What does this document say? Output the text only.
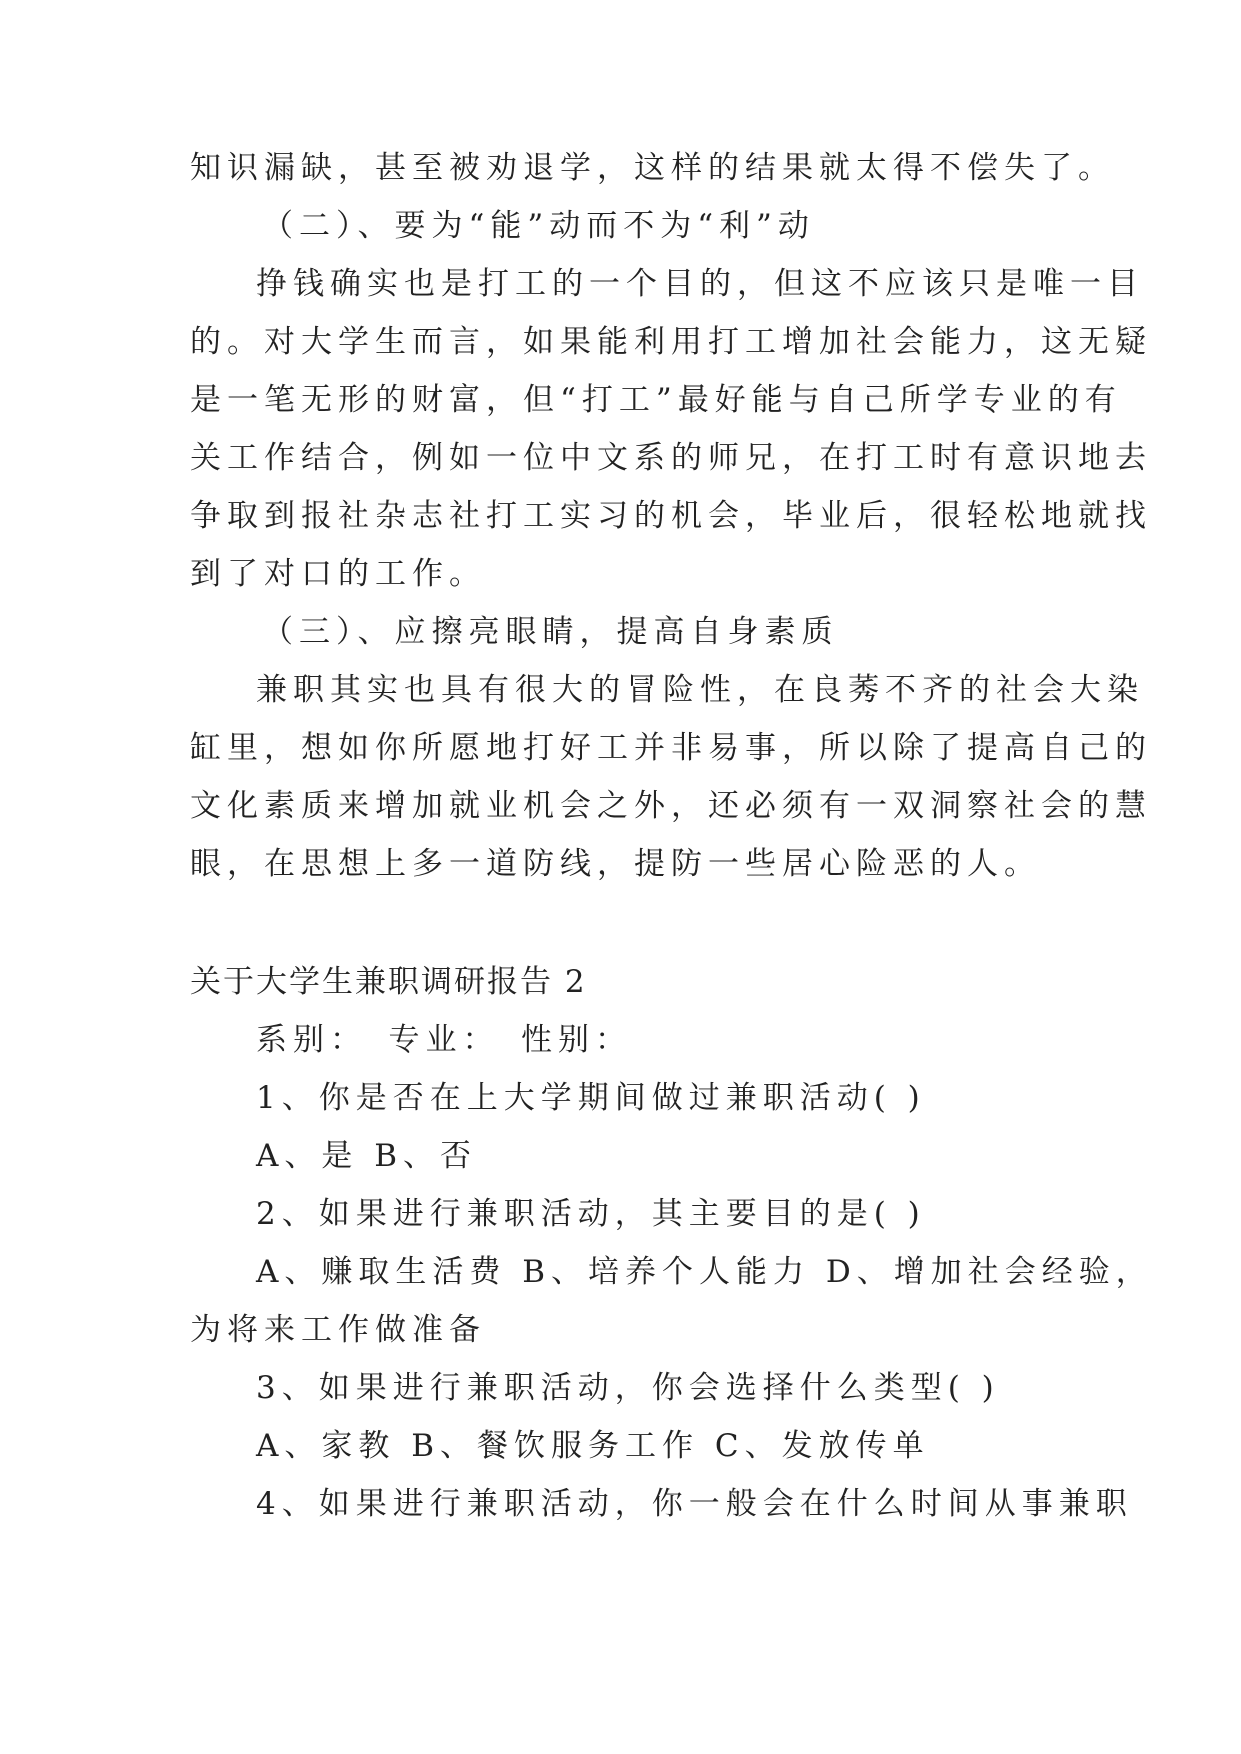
知识漏缺，甚至被劝退学，这样的结果就太得不偿失了。
（二）、要为“能”动而不为“利”动
挣钱确实也是打工的一个目的，但这不应该只是唯一目
的。对大学生而言，如果能利用打工增加社会能力，这无疑
是一笔无形的财富，但“打工”最好能与自己所学专业的有
关工作结合，例如一位中文系的师兄，在打工时有意识地去
争取到报社杂志社打工实习的机会，毕业后，很轻松地就找
到了对口的工作。
（三）、应擦亮眼睛，提高自身素质
兼职其实也具有很大的冒险性，在良莠不齐的社会大染
缸里，想如你所愿地打好工并非易事，所以除了提高自己的
文化素质来增加就业机会之外，还必须有一双洞察社会的慧
眼，在思想上多一道防线，提防一些居心险恶的人。
关于大学生兼职调研报告 2
系别：　专业：　性别：
1、你是否在上大学期间做过兼职活动( )
A、是 B、否
2、如果进行兼职活动，其主要目的是( )
A、赚取生活费 B、培养个人能力 D、增加社会经验，
为将来工作做准备
3、如果进行兼职活动，你会选择什么类型( )
A、家教 B、餐饮服务工作 C、发放传单
4、如果进行兼职活动，你一般会在什么时间从事兼职
